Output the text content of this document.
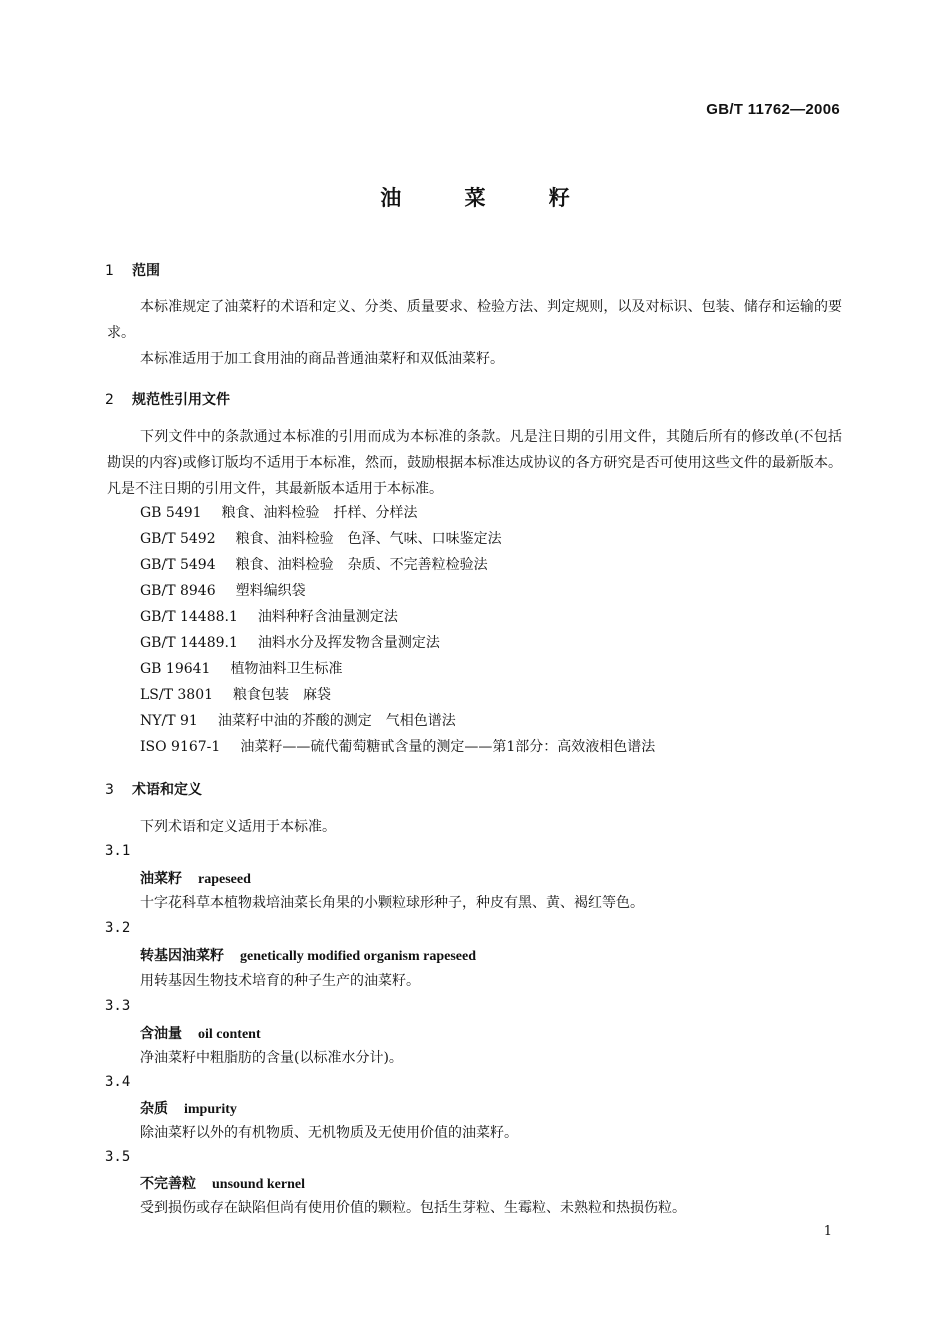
GB/T 11762—2006
油 菜 籽
1 范围
本标准规定了油菜籽的术语和定义、分类、质量要求、检验方法、判定规则，以及对标识、包装、储存和运输的要求。
本标准适用于加工食用油的商品普通油菜籽和双低油菜籽。
2 规范性引用文件
下列文件中的条款通过本标准的引用而成为本标准的条款。凡是注日期的引用文件，其随后所有的修改单(不包括勘误的内容)或修订版均不适用于本标准，然而，鼓励根据本标准达成协议的各方研究是否可使用这些文件的最新版本。凡是不注日期的引用文件，其最新版本适用于本标准。
GB 5491 粮食、油料检验　扦样、分样法
GB/T 5492 粮食、油料检验　色泽、气味、口味鉴定法
GB/T 5494 粮食、油料检验　杂质、不完善粒检验法
GB/T 8946 塑料编织袋
GB/T 14488.1 油料种籽含油量测定法
GB/T 14489.1 油料水分及挥发物含量测定法
GB 19641 植物油料卫生标准
LS/T 3801 粮食包装　麻袋
NY/T 91 油菜籽中油的芥酸的测定　气相色谱法
ISO 9167-1 油菜籽——硫代葡萄糖甙含量的测定——第1部分：高效液相色谱法
3 术语和定义
下列术语和定义适用于本标准。
3.1
油菜籽 rapeseed
十字花科草本植物栽培油菜长角果的小颗粒球形种子，种皮有黑、黄、褐红等色。
3.2
转基因油菜籽 genetically modified organism rapeseed
用转基因生物技术培育的种子生产的油菜籽。
3.3
含油量 oil content
净油菜籽中粗脂肪的含量(以标准水分计)。
3.4
杂质 impurity
除油菜籽以外的有机物质、无机物质及无使用价值的油菜籽。
3.5
不完善粒 unsound kernel
受到损伤或存在缺陷但尚有使用价值的颗粒。包括生芽粒、生霉粒、未熟粒和热损伤粒。
1
